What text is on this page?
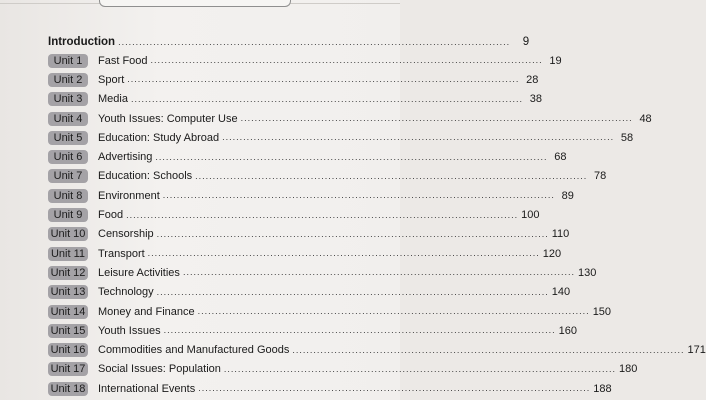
Introduction ................................................................................................................	9
Unit 1	Fast Food ................................................................................................................ 19
Unit 2	Sport ................................................................................................................ 28
Unit 3	Media ................................................................................................................ 38
Unit 4	Youth Issues: Computer Use ................................................................................................................ 48
Unit 5	Education: Study Abroad ................................................................................................................ 58
Unit 6	Advertising ................................................................................................................ 68
Unit 7	Education: Schools ................................................................................................................ 78
Unit 8	Environment ................................................................................................................ 89
Unit 9	Food ................................................................................................................ 100
Unit 10 Censorship ................................................................................................................ 110
Unit 11 Transport ................................................................................................................ 120
Unit 12 Leisure Activities ................................................................................................................ 130
Unit 13 Technology ................................................................................................................ 140
Unit 14 Money and Finance ................................................................................................................ 150
Unit 15 Youth Issues ................................................................................................................ 160
Unit 16 Commodities and Manufactured Goods ................................................................................................................ 171
Unit 17 Social Issues: Population ................................................................................................................ 180
Unit 18 International Events ................................................................................................................ 188
